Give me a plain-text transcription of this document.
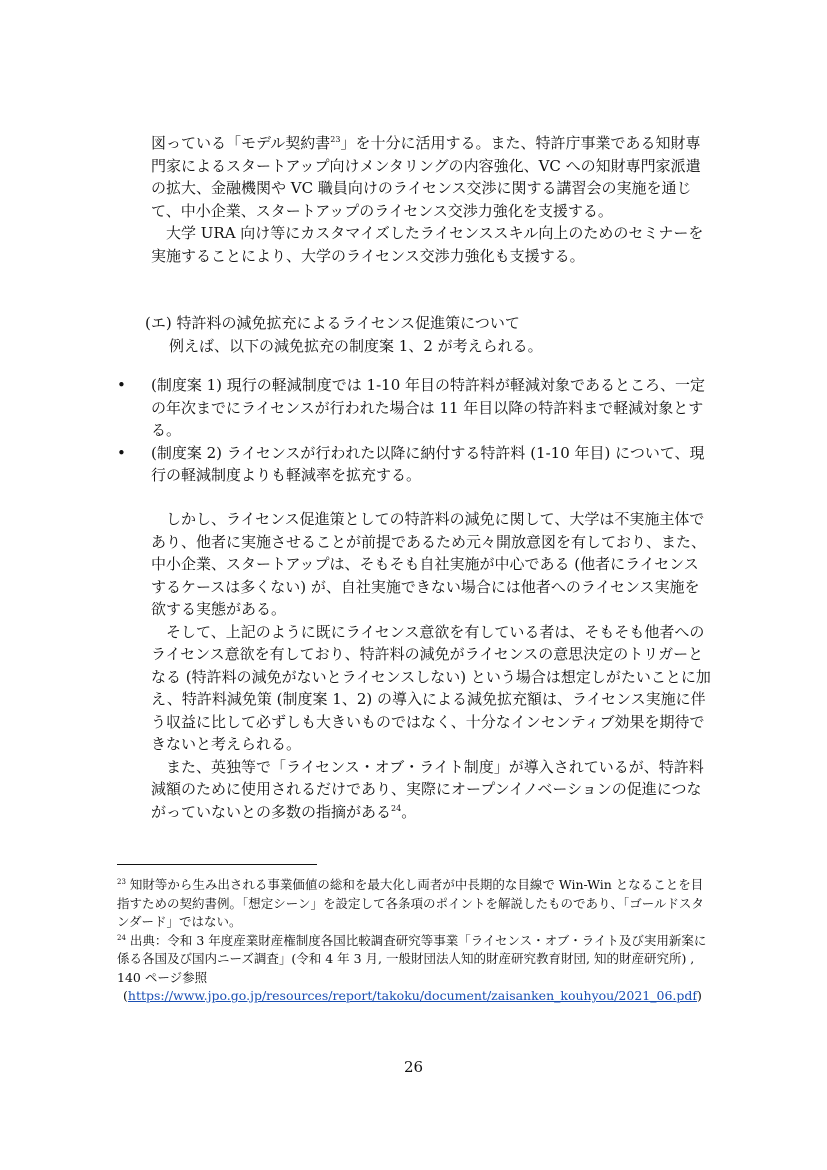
図っている「モデル契約書$^{23}$」を十分に活用する。また、特許庁事業である知財専門家によるスタートアップ向けメンタリングの内容強化、VC への知財専門家派遣の拡大、金融機関や VC 職員向けのライセンス交渉に関する講習会の実施を通じて、中小企業、スタートアップのライセンス交渉力強化を支援する。

大学 URA 向け等にカスタマイズしたライセンススキル向上のためのセミナーを実施することにより、大学のライセンス交渉力強化も支援する。

(エ) 特許料の減免拡充によるライセンス促進策について

例えば、以下の減免拡充の制度案 1、2 が考えられる。

•	(制度案 1) 現行の軽減制度では 1-10 年目の特許料が軽減対象であるところ、一定の年次までにライセンスが行われた場合は 11 年目以降の特許料まで軽減対象とする。

•	(制度案 2) ライセンスが行われた以降に納付する特許料 (1-10 年目) について、現行の軽減制度よりも軽減率を拡充する。

しかし、ライセンス促進策としての特許料の減免に関して、大学は不実施主体であり、他者に実施させることが前提であるため元々開放意図を有しており、また、中小企業、スタートアップは、そもそも自社実施が中心である (他者にライセンスするケースは多くない) が、自社実施できない場合には他者へのライセンス実施を欲する実態がある。

そして、上記のように既にライセンス意欲を有している者は、そもそも他者へのライセンス意欲を有しており、特許料の減免がライセンスの意思決定のトリガーとなる (特許料の減免がないとライセンスしない) という場合は想定しがたいことに加え、特許料減免策 (制度案 1、2) の導入による減免拡充額は、ライセンス実施に伴う収益に比して必ずしも大きいものではなく、十分なインセンティブ効果を期待できないと考えられる。

また、英独等で「ライセンス・オブ・ライト制度」が導入されているが、特許料減額のために使用されるだけであり、実際にオープンイノベーションの促進につながっていないとの多数の指摘がある$^{24}$。

$^{23}$ 知財等から生み出される事業価値の総和を最大化し両者が中長期的な目線で Win-Win となることを目指すための契約書例。「想定シーン」を設定して各条項のポイントを解説したものであり、「ゴールドスタンダード」ではない。

$^{24}$ 出典：令和 3 年度産業財産権制度各国比較調査研究等事業「ライセンス・オブ・ライト及び実用新案に係る各国及び国内ニーズ調査」(令和 4 年 3 月, 一般財団法人知的財産研究教育財団, 知的財産研究所) , 140 ページ参照

(https://www.jpo.go.jp/resources/report/takoku/document/zaisanken_kouhyou/2021_06.pdf)

26
